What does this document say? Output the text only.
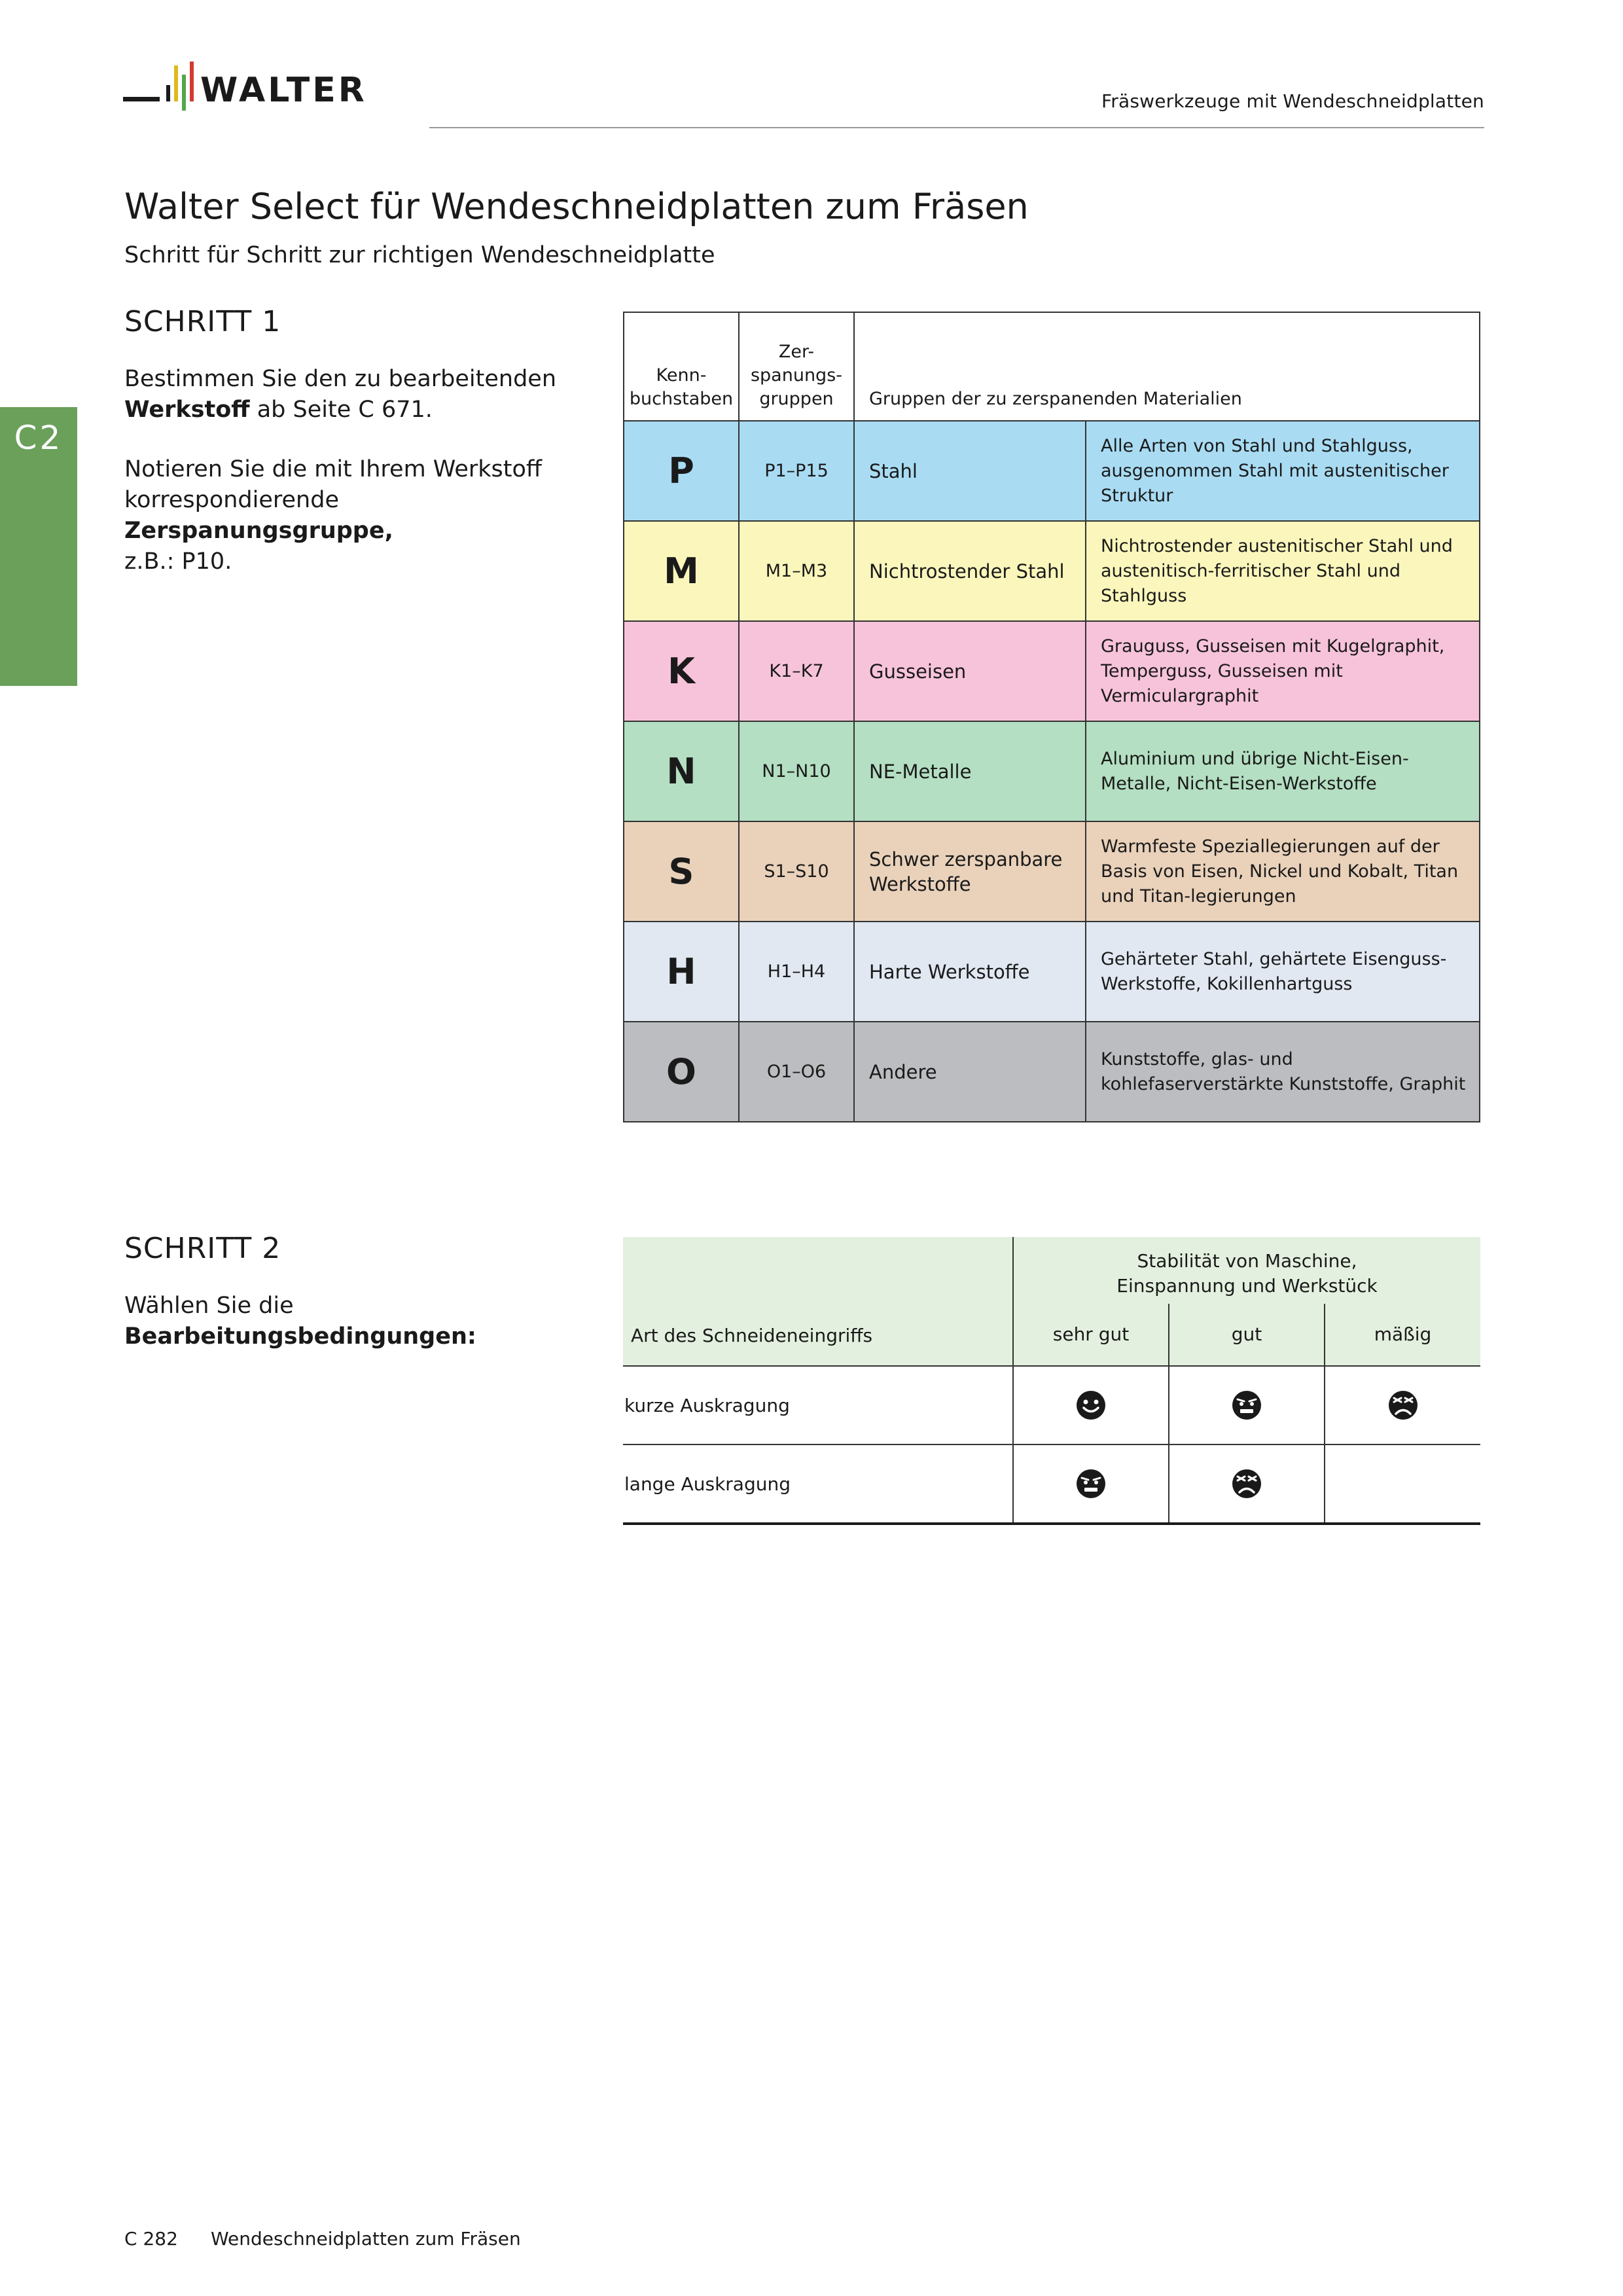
WALTER	Fräswerkzeuge mit Wendeschneidplatten
C2
Walter Select für Wendeschneidplatten zum Fräsen
Schritt für Schritt zur richtigen Wendeschneidplatte
SCHRITT 1
Bestimmen Sie den zu bearbeitenden
Werkstoff ab Seite C 671.
Notieren Sie die mit Ihrem Werkstoff korrespondierende Zerspanungsgruppe,
z.B.: P10.
Kenn-
buchstaben	Zer-
spanungs-
gruppen	Gruppen der zu zerspanenden Materialien	
P	P1–P15	Stahl	Alle Arten von Stahl und Stahlguss, ausgenommen Stahl mit austenitischer Struktur
M	M1–M3	Nichtrostender Stahl	Nichtrostender austenitischer Stahl und austenitisch-ferritischer Stahl und Stahlguss
K	K1–K7	Gusseisen	Grauguss, Gusseisen mit Kugelgraphit, Temperguss, Gusseisen mit Vermiculargraphit
N	N1–N10	NE-Metalle	Aluminium und übrige Nicht-Eisen-Metalle, Nicht-Eisen-Werkstoffe
S	S1–S10	Schwer zerspanbare Werkstoffe	Warmfeste Speziallegierungen auf der Basis von Eisen, Nickel und Kobalt, Titan und Titan-legierungen
H	H1–H4	Harte Werkstoffe	Gehärteter Stahl, gehärtete Eisenguss-Werkstoffe, Kokillenhartguss
O	O1–O6	Andere	Kunststoffe, glas- und kohlefaserverstärkte Kunststoffe, Graphit
SCHRITT 2
Wählen Sie die
Bearbeitungsbedingungen:	Art des Schneideneingriffs	Stabilität von Maschine,
Einspannung und Werkstück		
	sehr gut	gut	mäßig
kurze Auskragung			
lange Auskragung			
C 282 Wendeschneidplatten zum Fräsen
